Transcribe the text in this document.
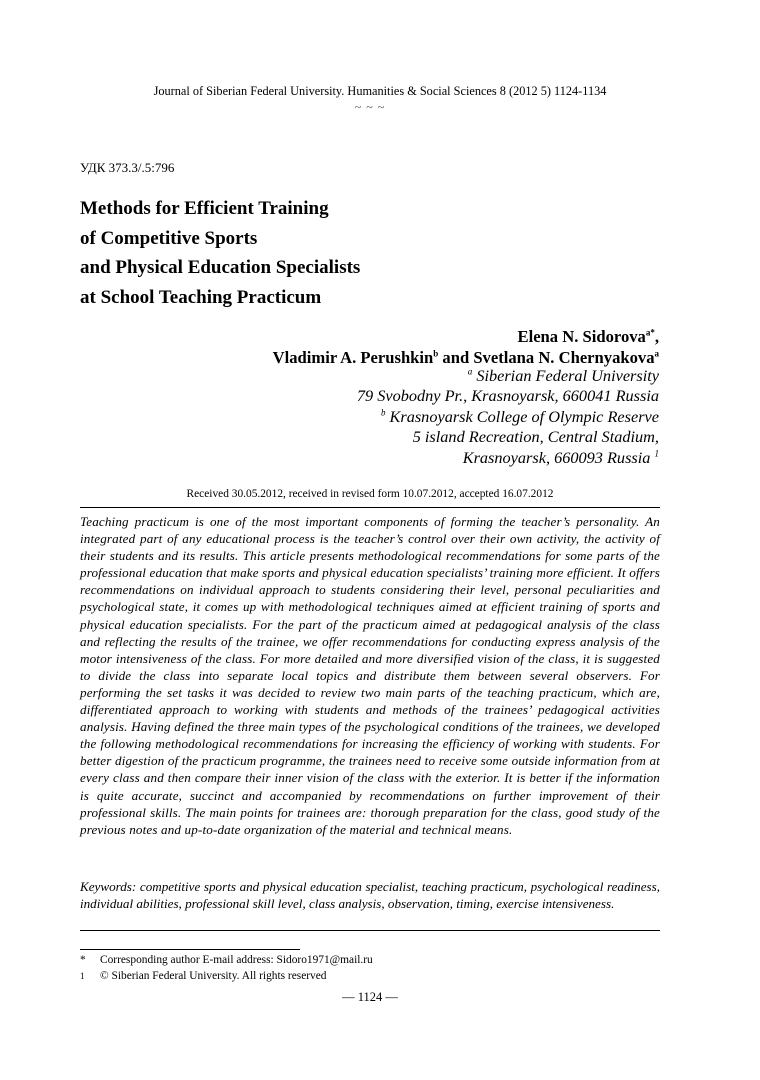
Journal of Siberian Federal University. Humanities & Social Sciences 8 (2012 5) 1124-1134
~ ~ ~
УДК 373.3/.5:796
Methods for Efficient Training
of Competitive Sports
and Physical Education Specialists
at School Teaching Practicum
Elena N. Sidorova$^{a*}$,
Vladimir A. Perushkin$^b$ and Svetlana N. Chernyakova$^a$
$^a$ Siberian Federal University
79 Svobodny Pr., Krasnoyarsk, 660041 Russia
$^b$ Krasnoyarsk College of Olympic Reserve
5 island Recreation, Central Stadium,
Krasnoyarsk, 660093 Russia $^1$
Received 30.05.2012, received in revised form 10.07.2012, accepted 16.07.2012
Teaching practicum is one of the most important components of forming the teacher’s personality. An integrated part of any educational process is the teacher’s control over their own activity, the activity of their students and its results. This article presents methodological recommendations for some parts of the professional education that make sports and physical education specialists’ training more efficient. It offers recommendations on individual approach to students considering their level, personal peculiarities and psychological state, it comes up with methodological techniques aimed at efficient training of sports and physical education specialists. For the part of the practicum aimed at pedagogical analysis of the class and reflecting the results of the trainee, we offer recommendations for conducting express analysis of the motor intensiveness of the class. For more detailed and more diversified vision of the class, it is suggested to divide the class into separate local topics and distribute them between several observers. For performing the set tasks it was decided to review two main parts of the teaching practicum, which are, differentiated approach to working with students and methods of the trainees’ pedagogical activities analysis. Having defined the three main types of the psychological conditions of the trainees, we developed the following methodological recommendations for increasing the efficiency of working with students. For better digestion of the practicum programme, the trainees need to receive some outside information from at every class and then compare their inner vision of the class with the exterior. It is better if the information is quite accurate, succinct and accompanied by recommendations on further improvement of their professional skills. The main points for trainees are: thorough preparation for the class, good study of the previous notes and up-to-date organization of the material and technical means.
Keywords: competitive sports and physical education specialist, teaching practicum, psychological readiness, individual abilities, professional skill level, class analysis, observation, timing, exercise intensiveness.
*	Corresponding author E-mail address: Sidoro1971@mail.ru
1	© Siberian Federal University. All rights reserved
— 1124 —
